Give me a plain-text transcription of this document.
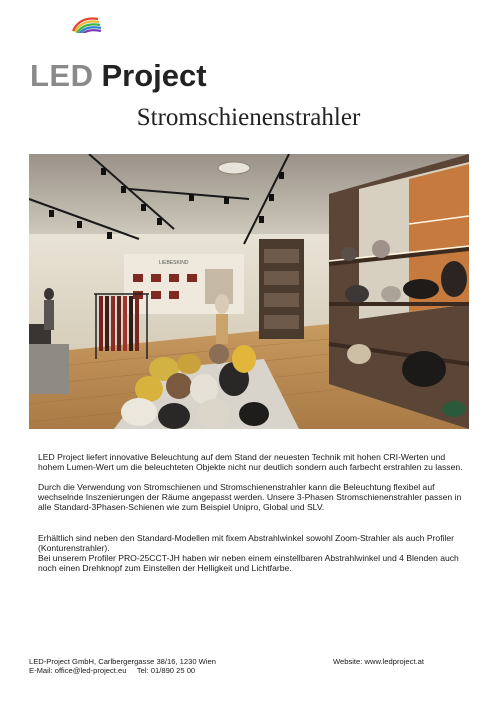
LED Project
Stromschienenstrahler
LIEBESKIND

LED Project liefert innovative Beleuchtung auf dem Stand der neuesten Technik mit hohen CRI-Werten und hohem Lumen-Wert um die beleuchteten Objekte nicht nur deutlich sondern auch farbecht erstrahlen zu lassen.

Durch die Verwendung von Stromschienen und Stromschienenstrahler kann die Beleuchtung flexibel auf wechselnde Inszenierungen der Räume angepasst werden. Unsere 3-Phasen Stromschienenstrahler passen in alle Standard-3Phasen-Schienen wie zum Beispiel Unipro, Global und SLV.

Erhältlich sind neben den Standard-Modellen mit fixem Abstrahlwinkel sowohl Zoom-Strahler als auch Profiler (Konturenstrahler).

Bei unserem Profiler PRO-25CCT-JH haben wir neben einem einstellbaren Abstrahlwinkel und 4 Blenden auch noch einen Drehknopf zum Einstellen der Helligkeit und Lichtfarbe.

LED-Project GmbH, Carlbergergasse 38/16, 1230 Wien	Website: www.ledproject.at
E-Mail: office@led-project.eu     Tel: 01/890 25 00
